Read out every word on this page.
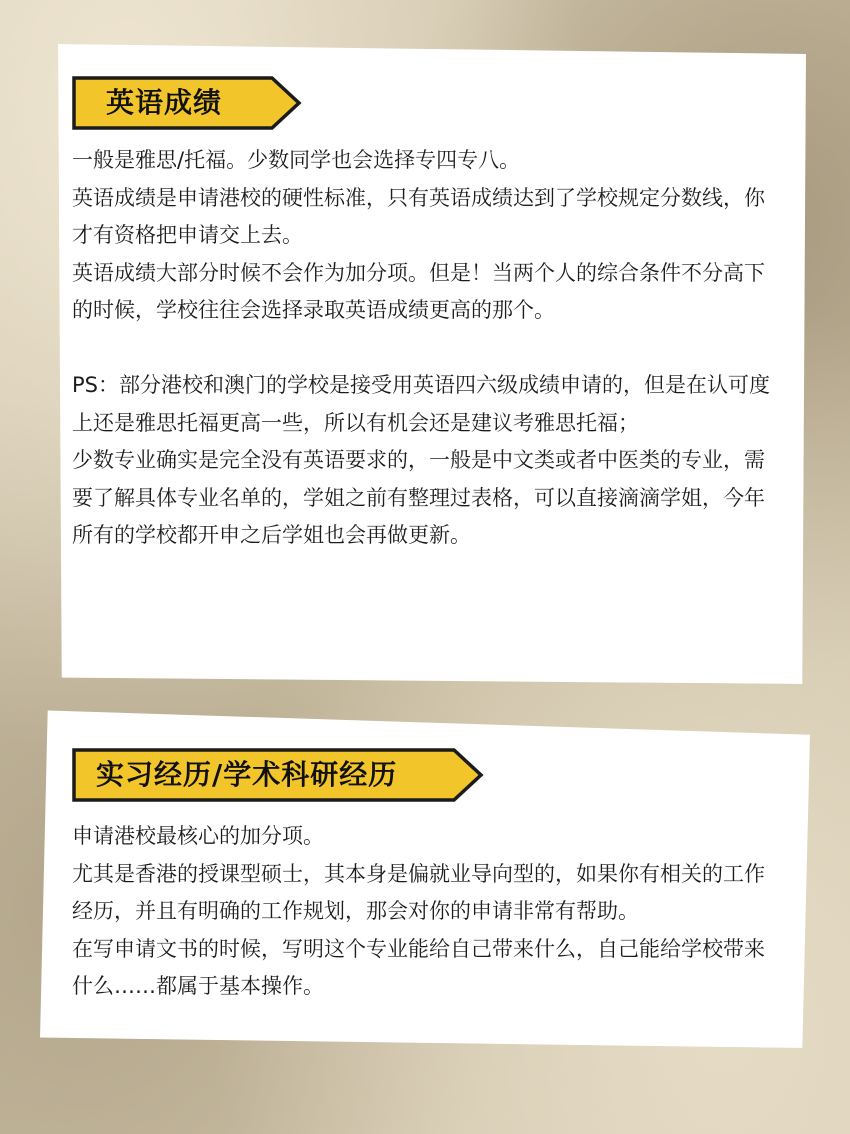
英语成绩

一般是雅思/托福。少数同学也会选择专四专八。

英语成绩是申请港校的硬性标准，只有英语成绩达到了学校规定分数线，你才有资格把申请交上去。

英语成绩大部分时候不会作为加分项。但是！当两个人的综合条件不分高下的时候，学校往往会选择录取英语成绩更高的那个。

PS：部分港校和澳门的学校是接受用英语四六级成绩申请的，但是在认可度上还是雅思托福更高一些，所以有机会还是建议考雅思托福；

少数专业确实是完全没有英语要求的，一般是中文类或者中医类的专业，需要了解具体专业名单的，学姐之前有整理过表格，可以直接滴滴学姐，今年所有的学校都开申之后学姐也会再做更新。

实习经历/学术科研经历

申请港校最核心的加分项。

尤其是香港的授课型硕士，其本身是偏就业导向型的，如果你有相关的工作经历，并且有明确的工作规划，那会对你的申请非常有帮助。

在写申请文书的时候，写明这个专业能给自己带来什么，自己能给学校带来什么……都属于基本操作。
